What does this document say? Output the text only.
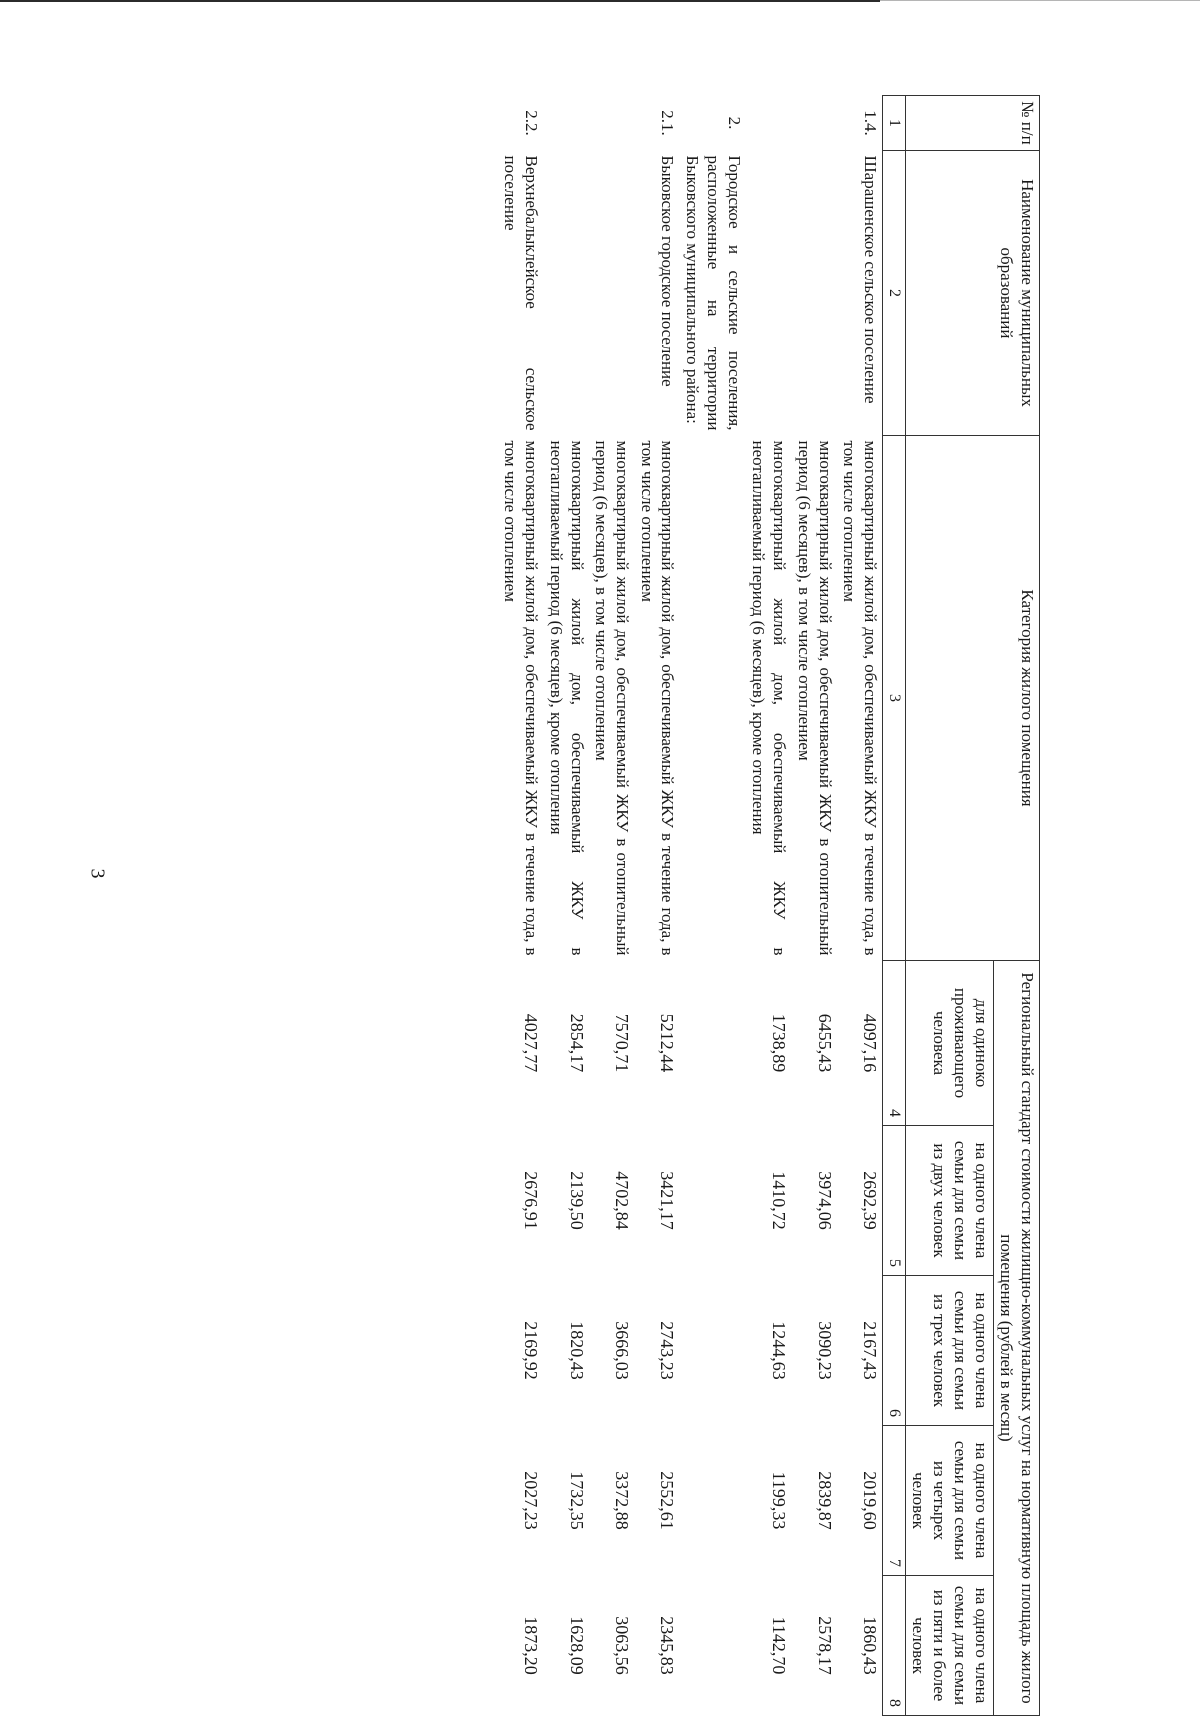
3
№ п/п	Наименование муниципальных образований	Категория жилого помещения	Региональный стандарт стоимости жилищно-коммунальных услуг на нормативную площадь жилого помещения (рублей в месяц)				
			для одиноко проживающего человека	на одного члена семьи для семьи из двух человек	на одного члена семьи для семьи из трех человек	на одного члена семьи для семьи из четырех человек	на одного члена семьи для семьи из пяти и более человек
1	2	3	4	5	6	7	8
1.4.	Шарашенское сельское поселение	многоквартирный жилой дом, обеспечиваемый ЖКУ в течение года, в том числе отоплением	4097,16	2692,39	2167,43	2019,60	1860,43
		многоквартирный жилой дом, обеспечиваемый ЖКУ в отопительный период (6 месяцев), в том числе отоплением	6455,43	3974,06	3090,23	2839,87	2578,17
		многоквартирный жилой дом, обеспечиваемый ЖКУ в неотапливаемый период (6 месяцев), кроме отопления	1738,89	1410,72	1244,63	1199,33	1142,70
2.	Городское и сельские поселения, расположенные на территории Быковского муниципального района:						
2.1.	Быковское городское поселение	многоквартирный жилой дом, обеспечиваемый ЖКУ в течение года, в том числе отоплением	5212,44	3421,17	2743,23	2552,61	2345,83
		многоквартирный жилой дом, обеспечиваемый ЖКУ в отопительный период (6 месяцев), в том числе отоплением	7570,71	4702,84	3666,03	3372,88	3063,56
		многоквартирный жилой дом, обеспечиваемый ЖКУ в неотапливаемый период (6 месяцев), кроме отопления	2854,17	2139,50	1820,43	1732,35	1628,09
2.2.	Верхнебалыклейское сельское поселение	многоквартирный жилой дом, обеспечиваемый ЖКУ в течение года, в том числе отоплением	4027,77	2676,91	2169,92	2027,23	1873,20
